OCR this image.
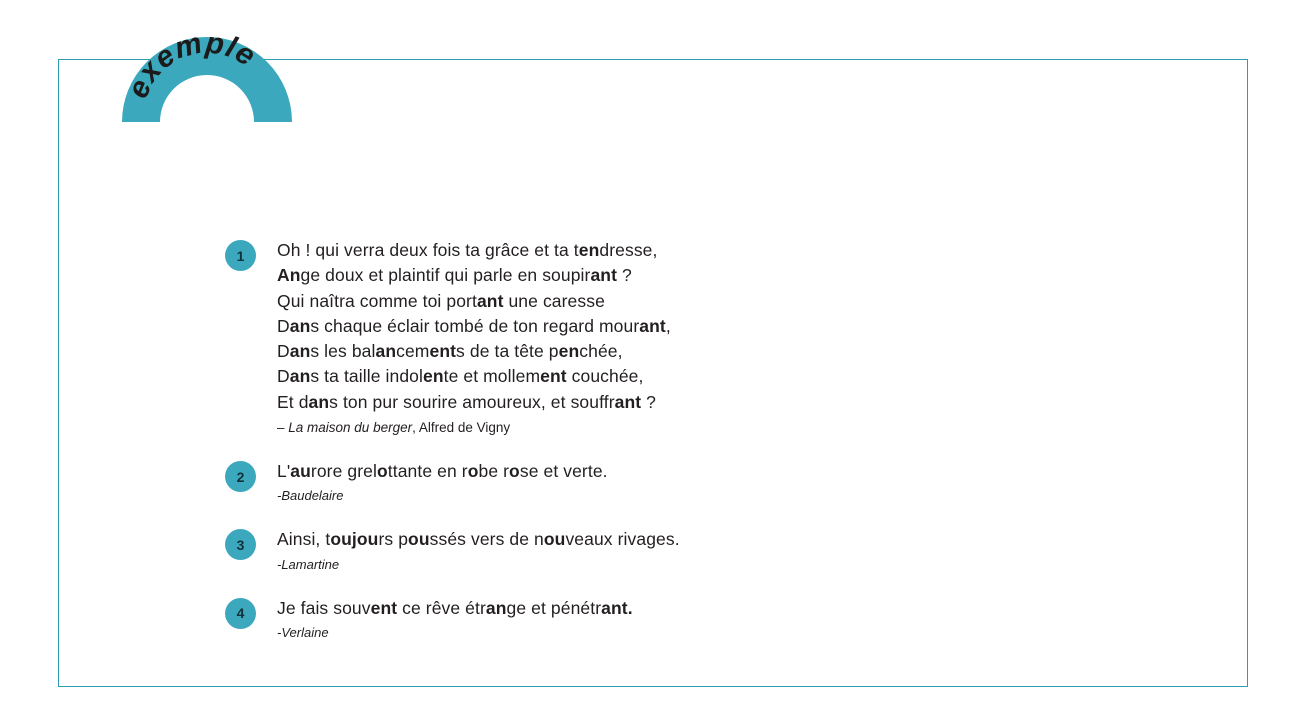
exemple
1	Oh ! qui verra deux fois ta grâce et ta tendresse,
Ange doux et plaintif qui parle en soupirant ?
Qui naîtra comme toi portant une caresse
Dans chaque éclair tombé de ton regard mourant,
Dans les balancements de ta tête penchée,
Dans ta taille indolente et mollement couchée,
Et dans ton pur sourire amoureux, et souffrant ?
– La maison du berger, Alfred de Vigny
2	L'aurore grelottante en robe rose et verte.
-Baudelaire
3	Ainsi, toujours poussés vers de nouveaux rivages.
-Lamartine
4	Je fais souvent ce rêve étrange et pénétrant.
-Verlaine
